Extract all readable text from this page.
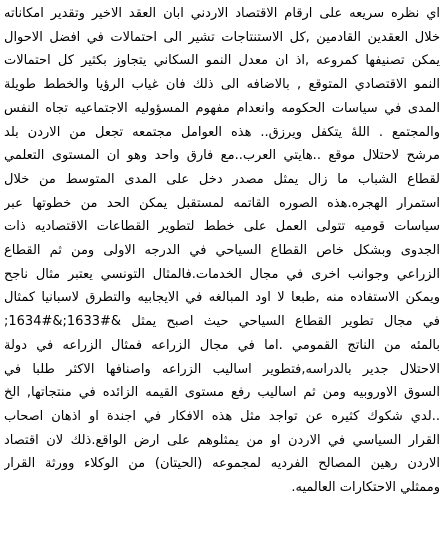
اي نظره سريعه على ارقام الاقتصاد الاردني ابان العقد الاخير وتقدير امكاناته
خلال العقدين القادمين ,كل الاستنتاجات تشير الى احتمالات في افضل الاحوال
يمكن تصنيفها كمروعه ,اذ ان معدل النمو السكاني يتجاوز بكثير كل احتمالات
النمو الاقتصادي المتوقع , بالاضافه الى ذلك فان غياب الرؤيا والخطط طويلة
المدى في سياسات الحكومه وانعدام مفهوم المسؤوليه الاجتماعيه تجاه النفس
والمجتمع . اللهٔ يتكفل ويرزق.. هذه العوامل مجتمعه تجعل من الاردن بلد
مرشح لاحتلال موقع ..هايتي العرب..مع فارق واحد وهو ان المستوى التعلمي
لقطاع الشباب ما زال يمثل مصدر دخل على المدى المتوسط من خلال
استمرار الهجره.هذه الصوره القاتمه لمستقبل يمكن الحد من خطوتها عبر
سياسات قوميه تتولى العمل على خطط لتطوير القطاعات الاقتصاديه ذات
الجدوى وبشكل خاص القطاع السياحي في الدرجه الاولى ومن ثم القطاع
الزراعي وجوانب اخرى في مجال الخدمات.فالمثال التونسي يعتبر مثال ناجح
ويمكن الاستفاده منه ,طبعا لا اود المبالغه في الايجابيه والتطرق لاسبانيا كمثال
في مجال تطوير القطاع السياحي حيث اصبح يمثل &#1633;&#1634;
بالمئه من الناتج القمومي .اما في مجال الزراعه فمثال الزراعه في دولة
الاحتلال جدير بالدراسه,فتطوير اساليب الزراعه واصنافها الاكثر طلبا في
السوق الاوروبيه ومن ثم اساليب رفع مستوى القيمه الزائده في منتجاتها, الخ
..لدي شكوك كثيره عن تواجد مثل هذه الافكار في اجندة او اذهان اصحاب
القرار السياسي في الاردن او من يمثلوهم على ارض الواقع.ذلك لان اقتصاد
الاردن رهين المصالح الفرديه لمجموعه (الحيتان) من الوكلاء وورثة القرار
وممثلي الاحتكارات العالميه.
